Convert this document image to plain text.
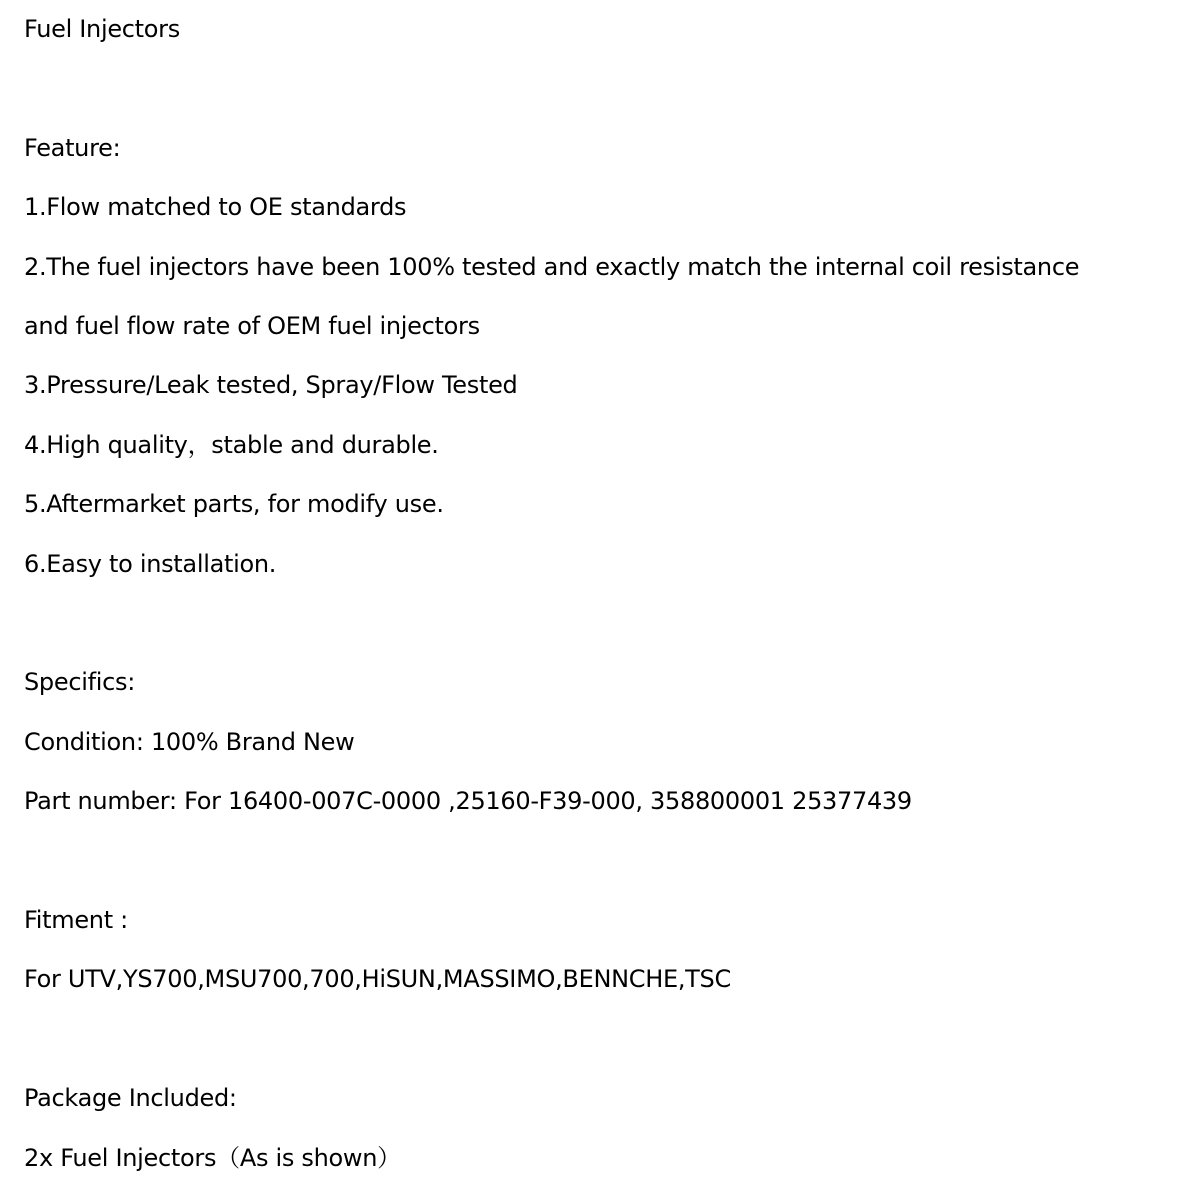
Fuel Injectors
Feature:
1.Flow matched to OE standards
2.The fuel injectors have been 100% tested and exactly match the internal coil resistance
and fuel flow rate of OEM fuel injectors
3.Pressure/Leak tested, Spray/Flow Tested
4.High quality，stable and durable.
5.Aftermarket parts, for modify use.
6.Easy to installation.
Specifics:
Condition: 100% Brand New
Part number: For 16400-007C-0000 ,25160-F39-000, 358800001 25377439
Fitment :
For UTV,YS700,MSU700,700,HiSUN,MASSIMO,BENNCHE,TSC
Package Included:
2x Fuel Injectors（As is shown）
